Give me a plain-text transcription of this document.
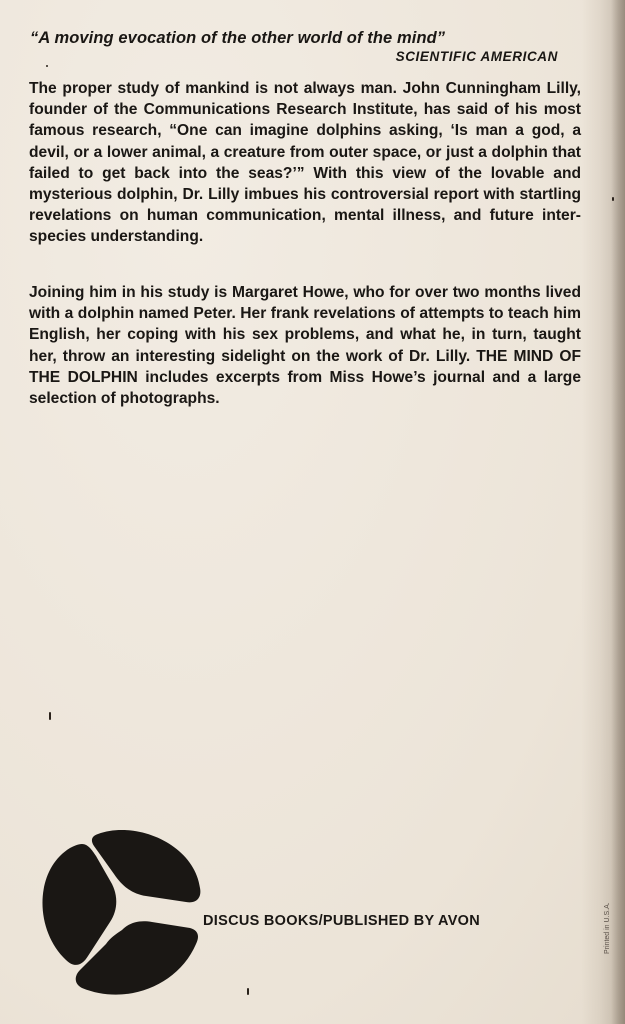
“A moving evocation of the other world of the mind”
SCIENTIFIC AMERICAN

The proper study of mankind is not always man. John Cunningham Lilly, founder of the Communications Research Institute, has said of his most famous research, “One can imagine dolphins asking, ‘Is man a god, a devil, or a lower animal, a creature from outer space, or just a dolphin that failed to get back into the seas?’” With this view of the lovable and mysterious dolphin, Dr. Lilly imbues his controversial report with startling revelations on human communication, mental illness, and future inter-species understanding.

Joining him in his study is Margaret Howe, who for over two months lived with a dolphin named Peter. Her frank revelations of attempts to teach him English, her coping with his sex problems, and what he, in turn, taught her, throw an interesting sidelight on the work of Dr. Lilly. THE MIND OF THE DOLPHIN includes excerpts from Miss Howe’s journal and a large selection of photographs.

DISCUS BOOKS/PUBLISHED BY AVON	Printed in U.S.A.
